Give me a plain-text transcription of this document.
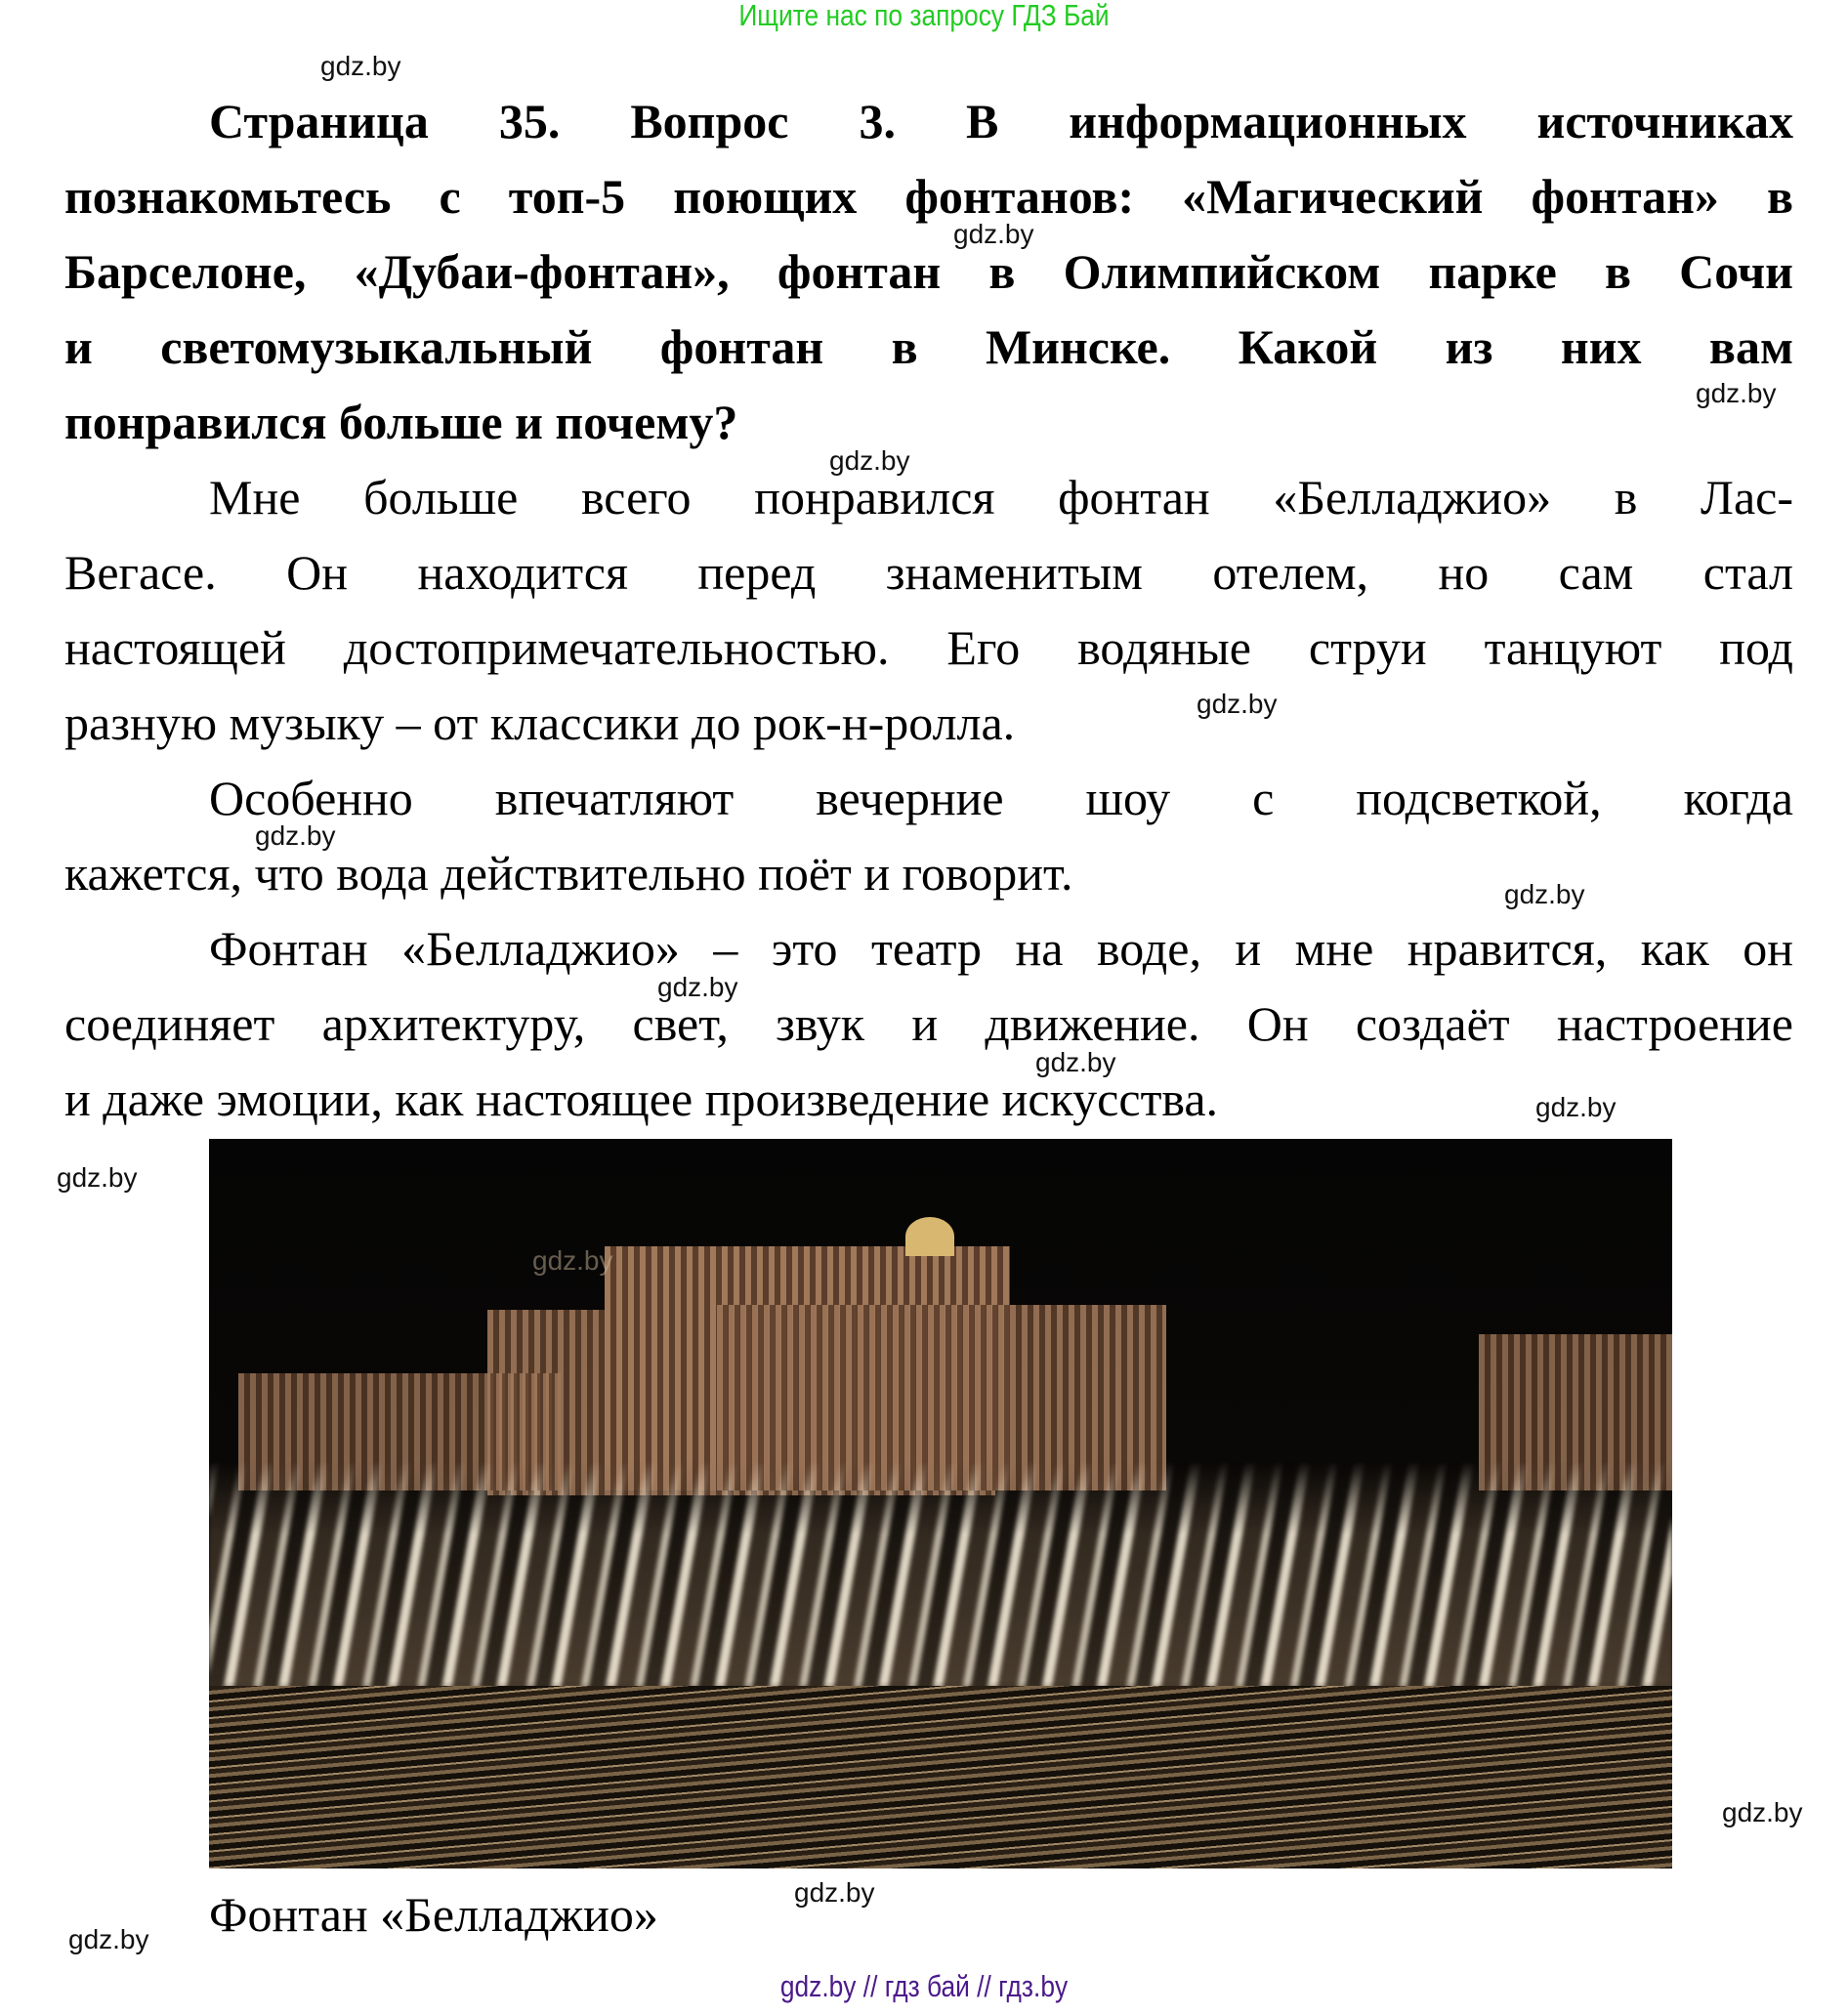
Ищите нас по запросу ГДЗ Бай
Страница 35. Вопрос 3. В информационных источниках
познакомьтесь с топ-5 поющих фонтанов: «Магический фонтан» в
Барселоне, «Дубаи-фонтан», фонтан в Олимпийском парке в Сочи
и светомузыкальный фонтан в Минске. Какой из них вам
понравился больше и почему?
Мне больше всего понравился фонтан «Белладжио» в Лас-
Вегасе. Он находится перед знаменитым отелем, но сам стал
настоящей достопримечательностью. Его водяные струи танцуют под
разную музыку – от классики до рок-н-ролла.
Особенно впечатляют вечерние шоу с подсветкой, когда
кажется, что вода действительно поёт и говорит.
Фонтан «Белладжио» – это театр на воде, и мне нравится, как он
соединяет архитектуру, свет, звук и движение. Он создаёт настроение
и даже эмоции, как настоящее произведение искусства.
Фонтан «Белладжио»
gdz.by
gdz.by
gdz.by
gdz.by
gdz.by
gdz.by
gdz.by
gdz.by
gdz.by
gdz.by
gdz.by
gdz.by
gdz.by
gdz.by
gdz.by
gdz.by // гдз бай // гдз.by
